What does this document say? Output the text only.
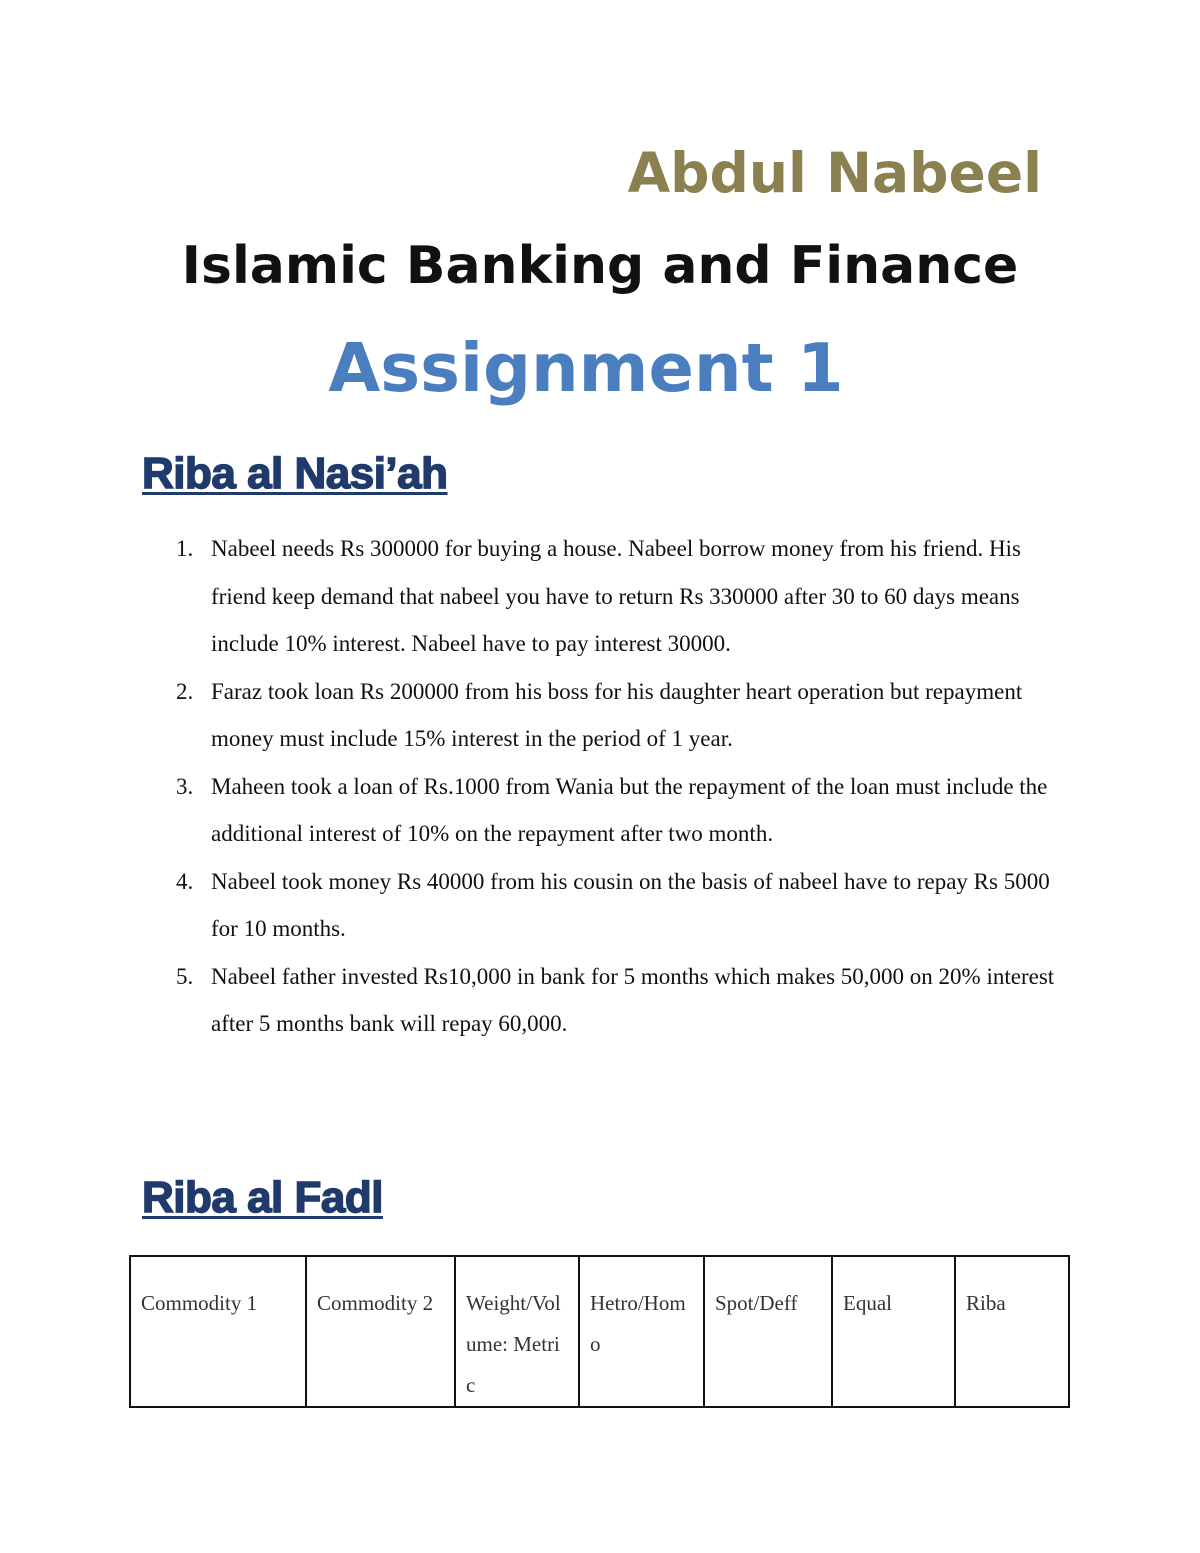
Abdul Nabeel
Islamic Banking and Finance
Assignment 1
Riba al Nasi’ah
1. Nabeel needs Rs 300000 for buying a house. Nabeel borrow money from his friend. His friend keep demand that nabeel you have to return Rs 330000 after 30 to 60 days means include 10% interest. Nabeel have to pay interest 30000.
2. Faraz took loan Rs 200000 from his boss for his daughter heart operation but repayment money must include 15% interest in the period of 1 year.
3. Maheen took a loan of Rs.1000 from Wania but the repayment of the loan must include the additional interest of 10% on the repayment after two month.
4. Nabeel took money Rs 40000 from his cousin on the basis of nabeel have to repay Rs 5000 for 10 months.
5. Nabeel father invested Rs10,000 in bank for 5 months which makes 50,000 on 20% interest after 5 months bank will repay 60,000.
Riba al Fadl
Commodity 1	Commodity 2	Weight/Volume: Metric	Hetro/Homo	Spot/Deff	Equal	Riba
